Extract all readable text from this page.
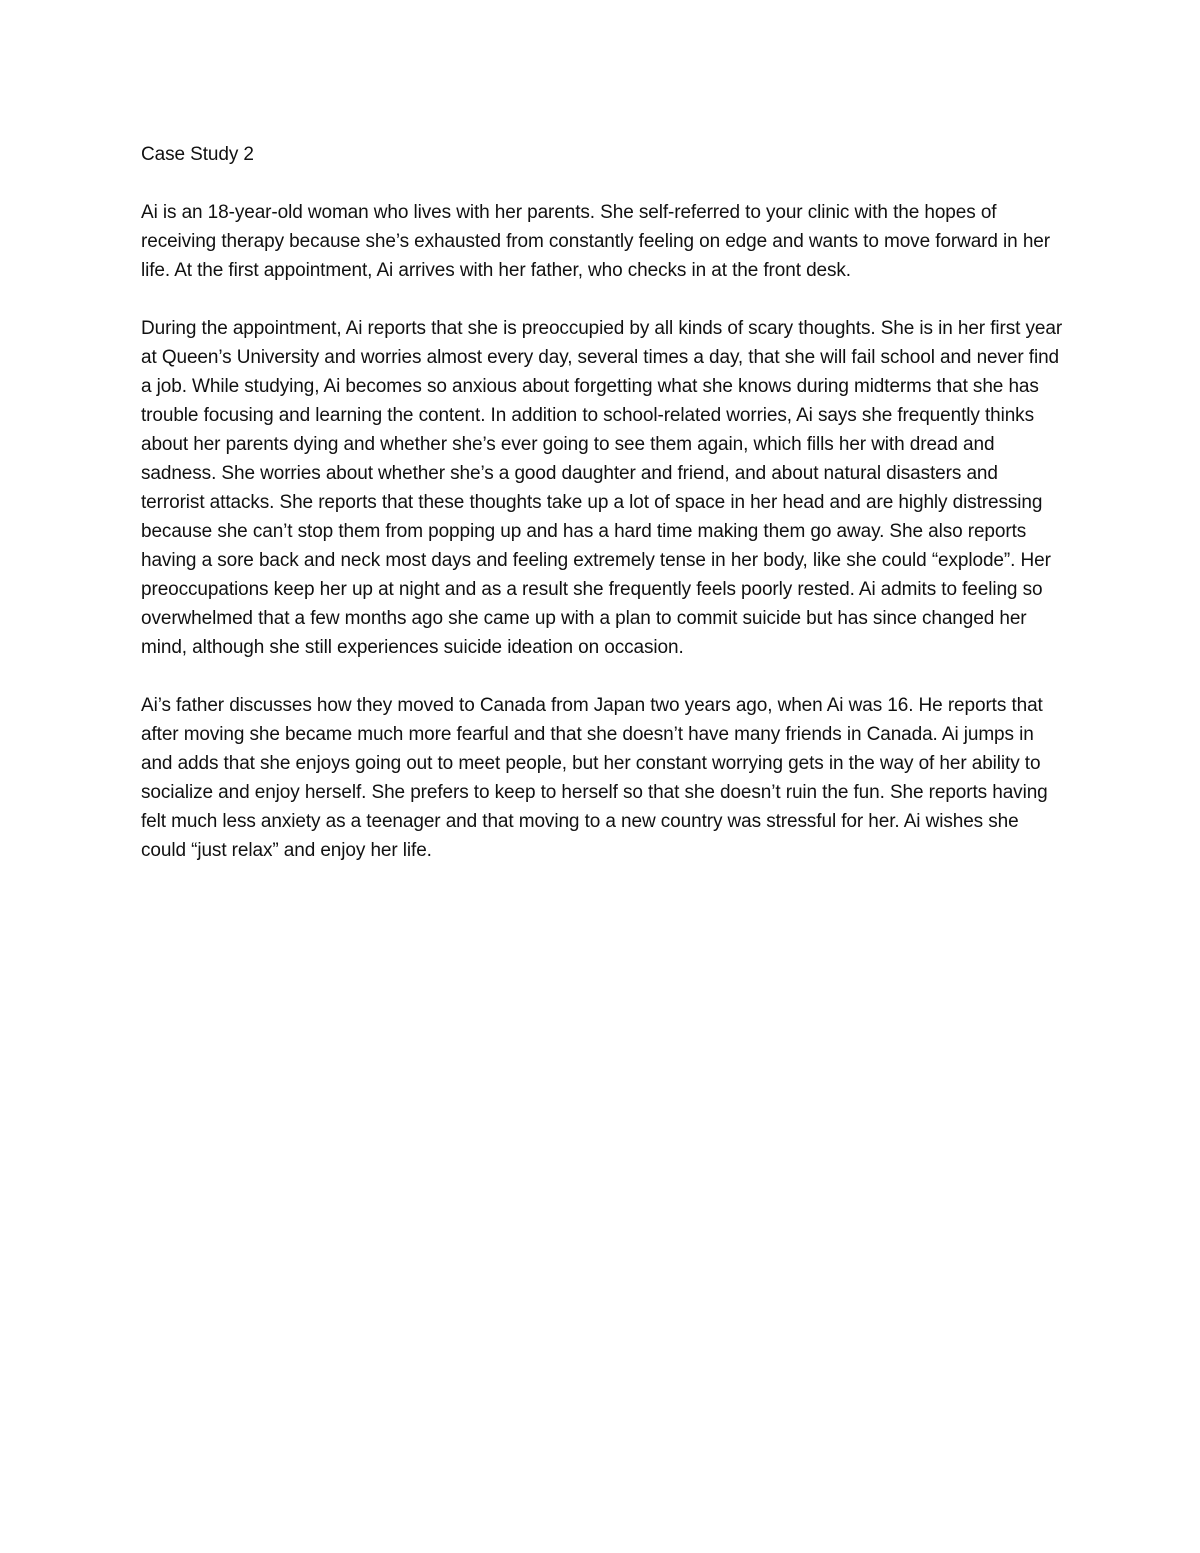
Case Study 2
Ai is an 18-year-old woman who lives with her parents. She self-referred to your clinic with the hopes of receiving therapy because she’s exhausted from constantly feeling on edge and wants to move forward in her life. At the first appointment, Ai arrives with her father, who checks in at the front desk.
During the appointment, Ai reports that she is preoccupied by all kinds of scary thoughts. She is in her first year at Queen’s University and worries almost every day, several times a day, that she will fail school and never find a job. While studying, Ai becomes so anxious about forgetting what she knows during midterms that she has trouble focusing and learning the content. In addition to school-related worries, Ai says she frequently thinks about her parents dying and whether she’s ever going to see them again, which fills her with dread and sadness. She worries about whether she’s a good daughter and friend, and about natural disasters and terrorist attacks. She reports that these thoughts take up a lot of space in her head and are highly distressing because she can’t stop them from popping up and has a hard time making them go away. She also reports having a sore back and neck most days and feeling extremely tense in her body, like she could “explode”. Her preoccupations keep her up at night and as a result she frequently feels poorly rested. Ai admits to feeling so overwhelmed that a few months ago she came up with a plan to commit suicide but has since changed her mind, although she still experiences suicide ideation on occasion.
Ai’s father discusses how they moved to Canada from Japan two years ago, when Ai was 16. He reports that after moving she became much more fearful and that she doesn’t have many friends in Canada. Ai jumps in and adds that she enjoys going out to meet people, but her constant worrying gets in the way of her ability to socialize and enjoy herself. She prefers to keep to herself so that she doesn’t ruin the fun. She reports having felt much less anxiety as a teenager and that moving to a new country was stressful for her. Ai wishes she could “just relax” and enjoy her life.
